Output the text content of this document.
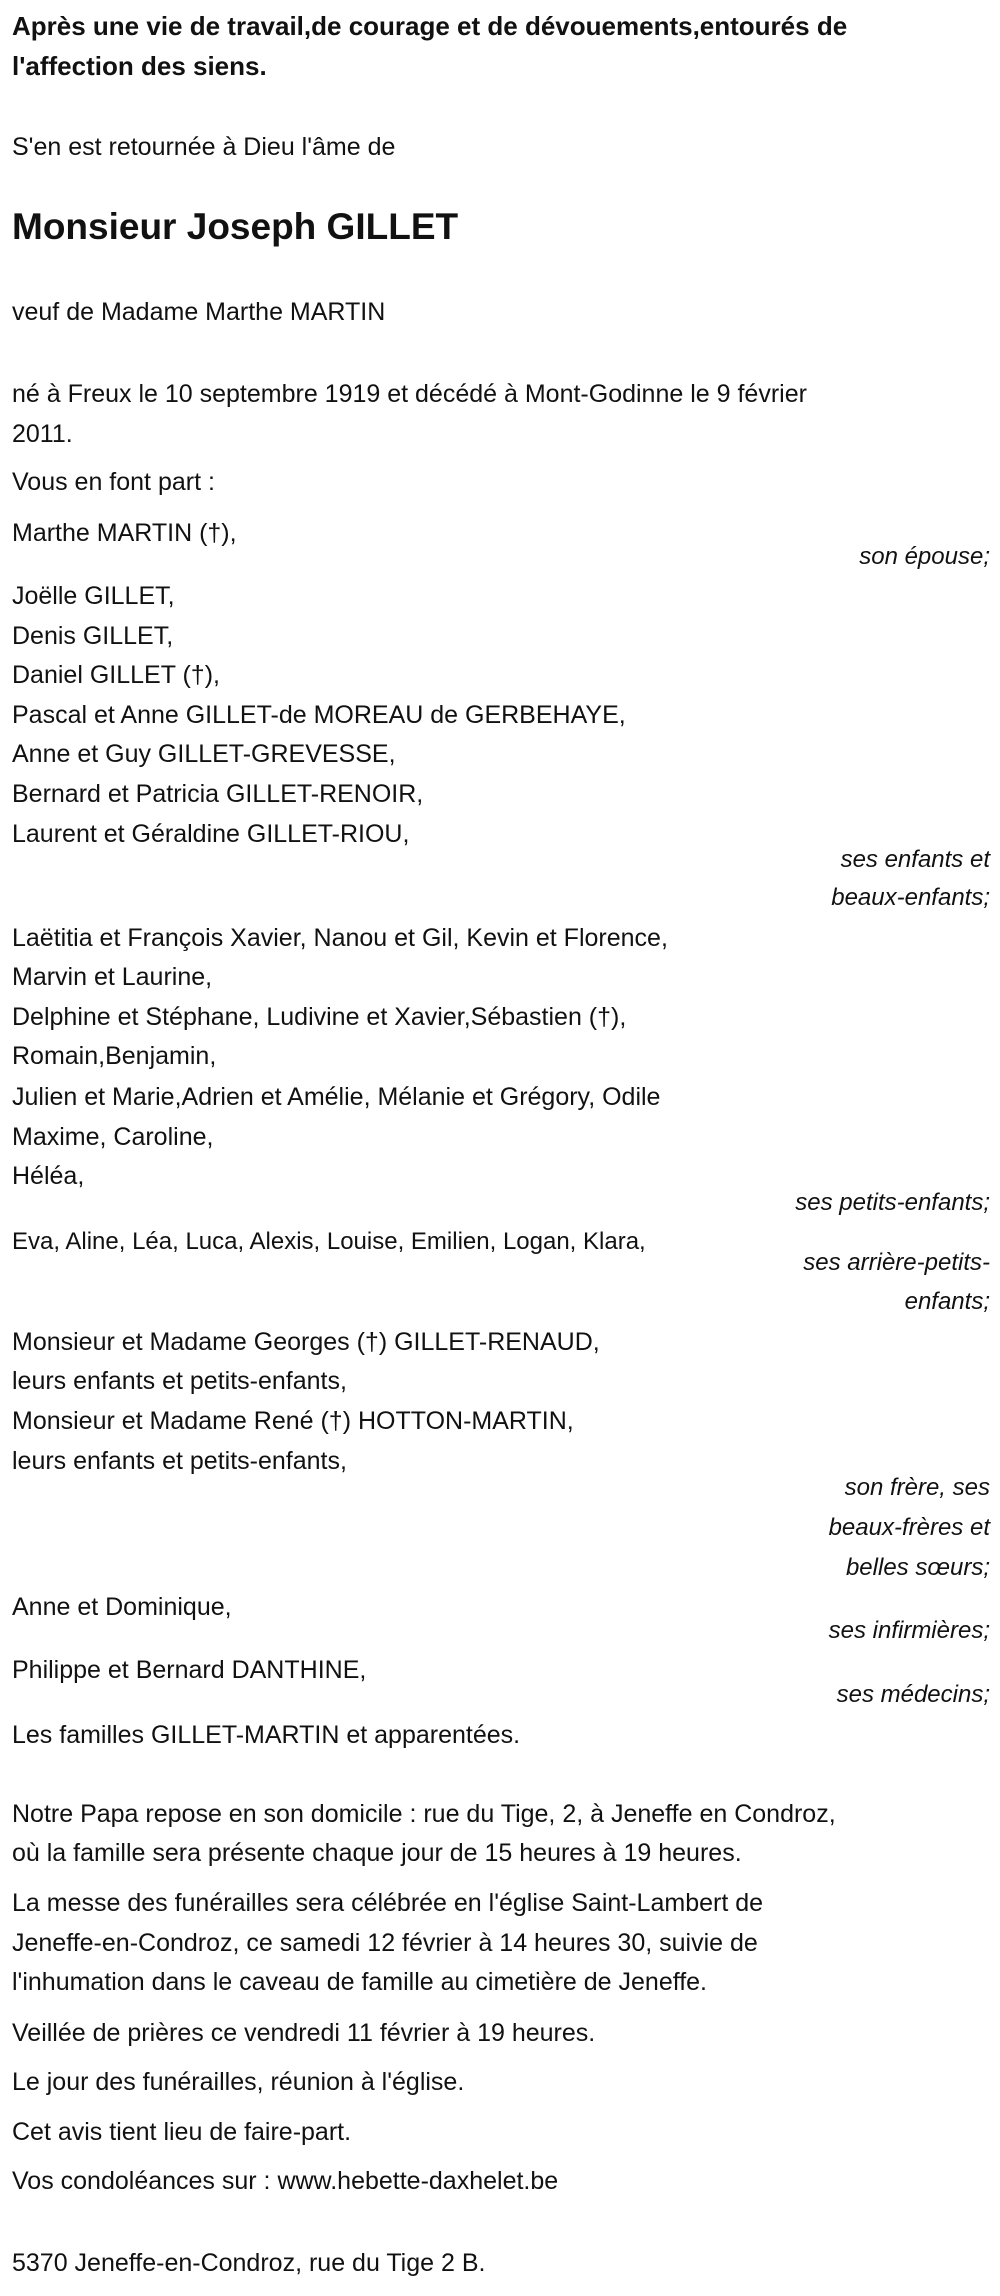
Après une vie de travail,de courage et de dévouements,entourés de
l'affection des siens.
S'en est retournée à Dieu l'âme de
Monsieur Joseph GILLET
veuf de Madame Marthe MARTIN
né à Freux le 10 septembre 1919 et décédé à Mont-Godinne le 9 février
2011.
Vous en font part :
Marthe MARTIN (†),
son épouse;
Joëlle GILLET,
Denis GILLET,
Daniel GILLET (†),
Pascal et Anne GILLET-de MOREAU de GERBEHAYE,
Anne et Guy GILLET-GREVESSE,
Bernard et Patricia GILLET-RENOIR,
Laurent et Géraldine GILLET-RIOU,
ses enfants et
beaux-enfants;
Laëtitia et François Xavier, Nanou et Gil, Kevin et Florence,
Marvin et Laurine,
Delphine et Stéphane, Ludivine et Xavier,Sébastien (†),
Romain,Benjamin,
Julien et Marie,Adrien et Amélie, Mélanie et Grégory, Odile
Maxime, Caroline,
Héléa,
ses petits-enfants;
Eva, Aline, Léa, Luca, Alexis, Louise, Emilien, Logan, Klara,
ses arrière-petits-
enfants;
Monsieur et Madame Georges (†) GILLET-RENAUD,
leurs enfants et petits-enfants,
Monsieur et Madame René (†) HOTTON-MARTIN,
leurs enfants et petits-enfants,
son frère, ses
beaux-frères et
belles sœurs;
Anne et Dominique,
ses infirmières;
Philippe et Bernard DANTHINE,
ses médecins;
Les familles GILLET-MARTIN et apparentées.
Notre Papa repose en son domicile : rue du Tige, 2, à Jeneffe en Condroz,
où la famille sera présente chaque jour de 15 heures à 19 heures.
La messe des funérailles sera célébrée en l'église Saint-Lambert de
Jeneffe-en-Condroz, ce samedi 12 février à 14 heures 30, suivie de
l'inhumation dans le caveau de famille au cimetière de Jeneffe.
Veillée de prières ce vendredi 11 février à 19 heures.
Le jour des funérailles, réunion à l'église.
Cet avis tient lieu de faire-part.
Vos condoléances sur : www.hebette-daxhelet.be
5370 Jeneffe-en-Condroz, rue du Tige 2 B.
